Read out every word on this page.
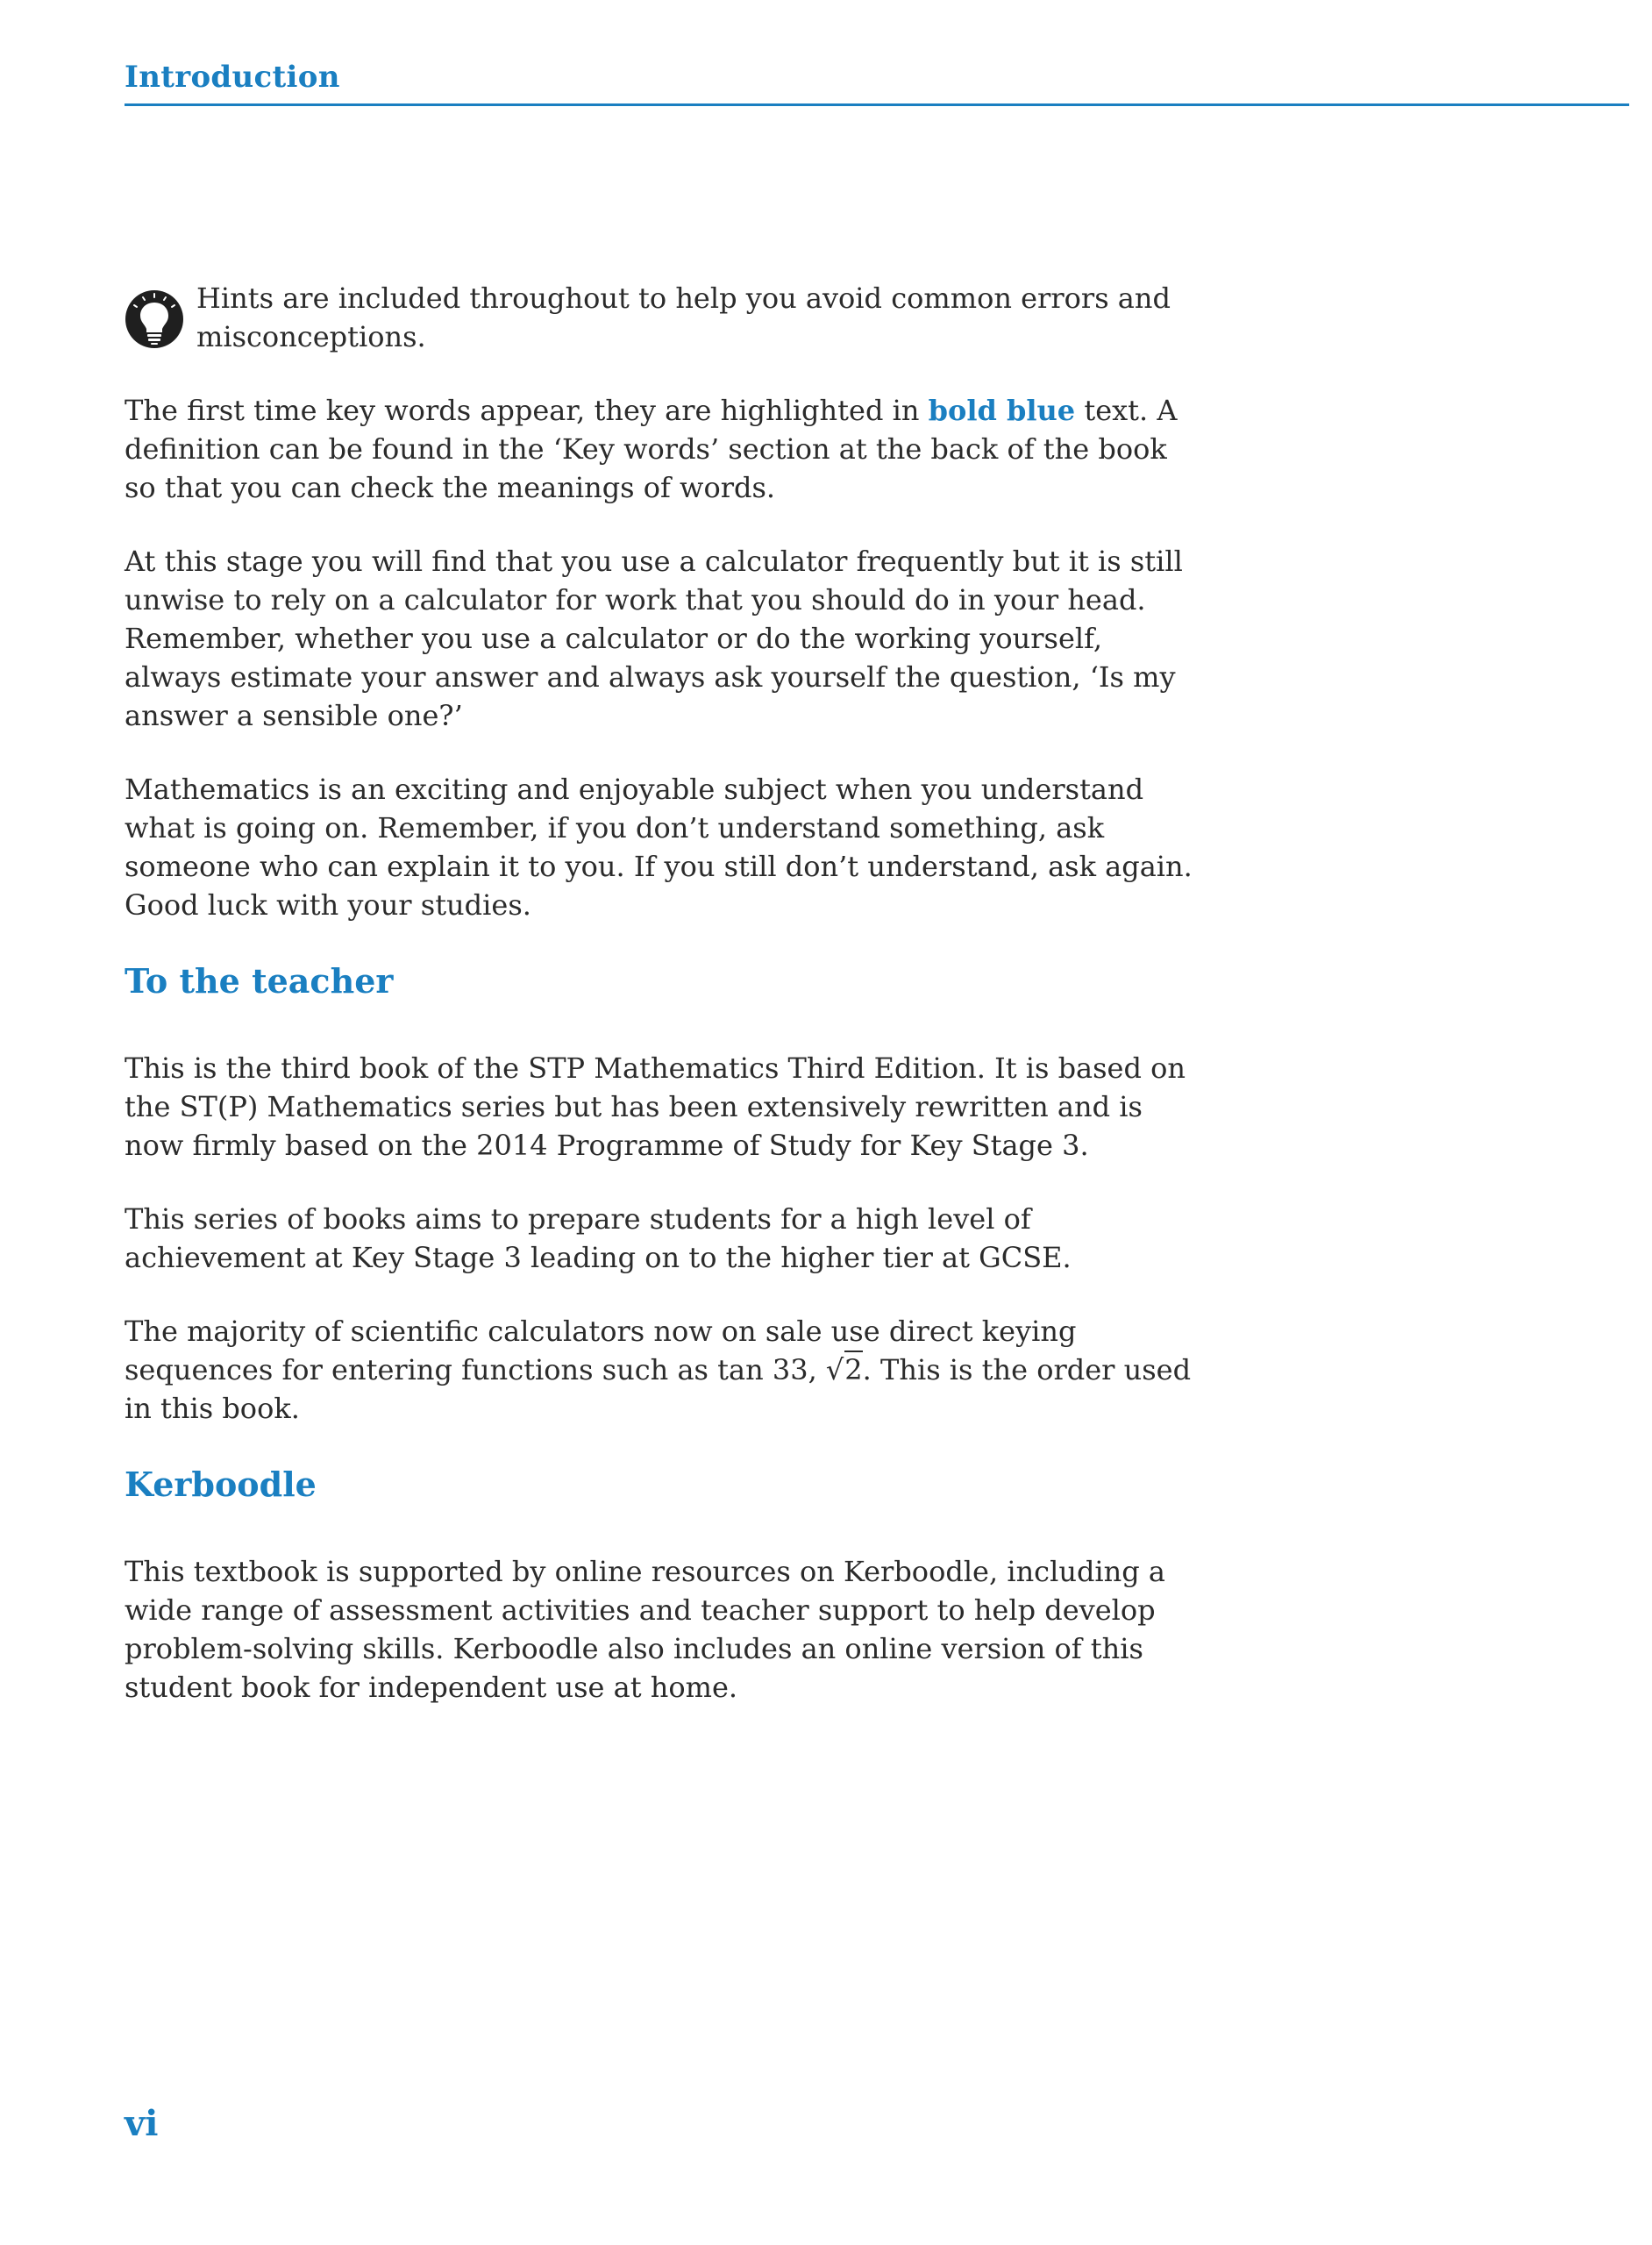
Introduction
Hints are included throughout to help you avoid common errors and misconceptions.

The first time key words appear, they are highlighted in bold blue text. A definition can be found in the ‘Key words’ section at the back of the book so that you can check the meanings of words.

At this stage you will find that you use a calculator frequently but it is still unwise to rely on a calculator for work that you should do in your head. Remember, whether you use a calculator or do the working yourself, always estimate your answer and always ask yourself the question, ‘Is my answer a sensible one?’

Mathematics is an exciting and enjoyable subject when you understand what is going on. Remember, if you don’t understand something, ask someone who can explain it to you. If you still don’t understand, ask again. Good luck with your studies.

To the teacher

This is the third book of the STP Mathematics Third Edition. It is based on the ST(P) Mathematics series but has been extensively rewritten and is now firmly based on the 2014 Programme of Study for Key Stage 3.

This series of books aims to prepare students for a high level of achievement at Key Stage 3 leading on to the higher tier at GCSE.

The majority of scientific calculators now on sale use direct keying sequences for entering functions such as tan 33, √2. This is the order used in this book.

Kerboodle

This textbook is supported by online resources on Kerboodle, including a wide range of assessment activities and teacher support to help develop problem-solving skills. Kerboodle also includes an online version of this student book for independent use at home.

vi
